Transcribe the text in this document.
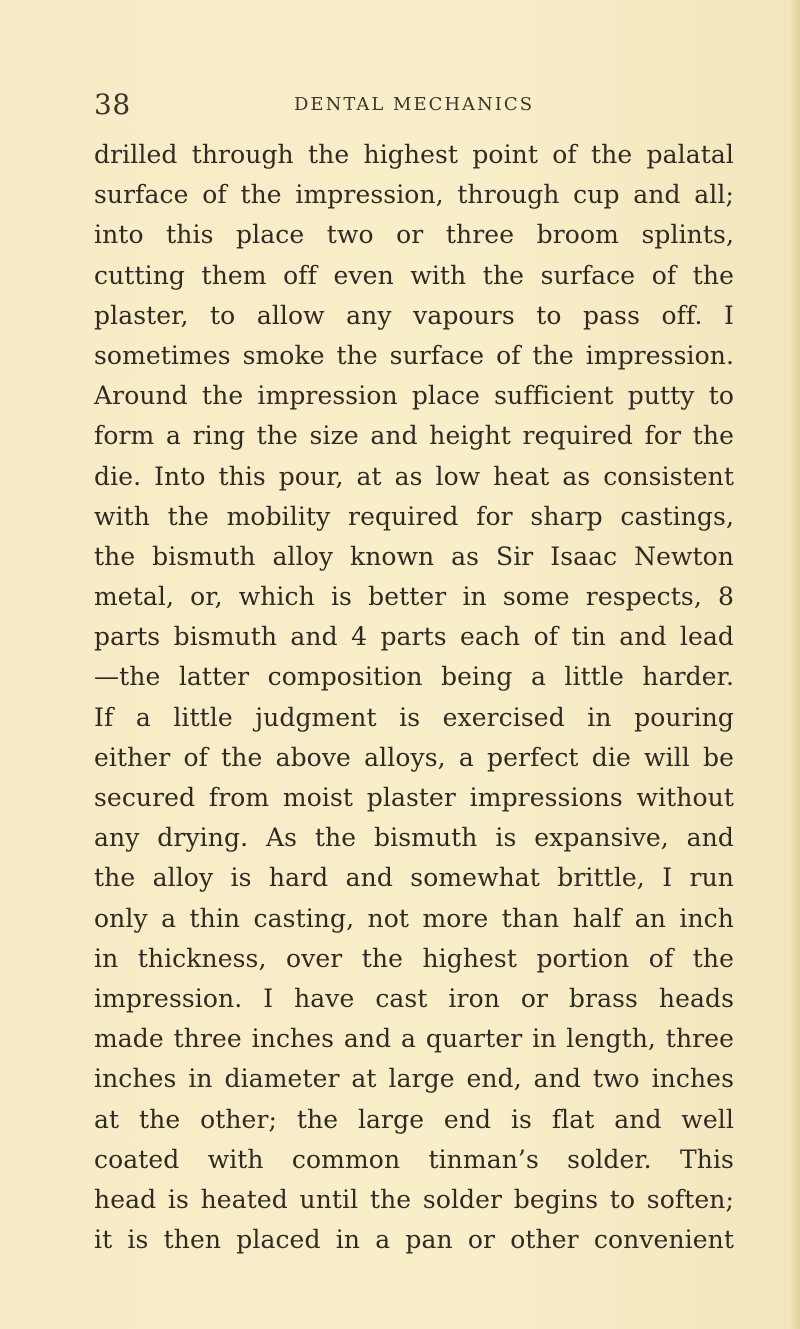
38	DENTAL MECHANICS
drilled through the highest point of the palatal
surface of the impression, through cup and all;
into this place two or three broom splints,
cutting them off even with the surface of the
plaster, to allow any vapours to pass off. I
sometimes smoke the surface of the impression.
Around the impression place sufficient putty to
form a ring the size and height required for the
die. Into this pour, at as low heat as consistent
with the mobility required for sharp castings,
the bismuth alloy known as Sir Isaac Newton
metal, or, which is better in some respects, 8
parts bismuth and 4 parts each of tin and lead
—the latter composition being a little harder.
If a little judgment is exercised in pouring
either of the above alloys, a perfect die will be
secured from moist plaster impressions without
any drying. As the bismuth is expansive, and
the alloy is hard and somewhat brittle, I run
only a thin casting, not more than half an inch
in thickness, over the highest portion of the
impression. I have cast iron or brass heads
made three inches and a quarter in length, three
inches in diameter at large end, and two inches
at the other; the large end is flat and well
coated with common tinman’s solder. This
head is heated until the solder begins to soften;
it is then placed in a pan or other convenient
